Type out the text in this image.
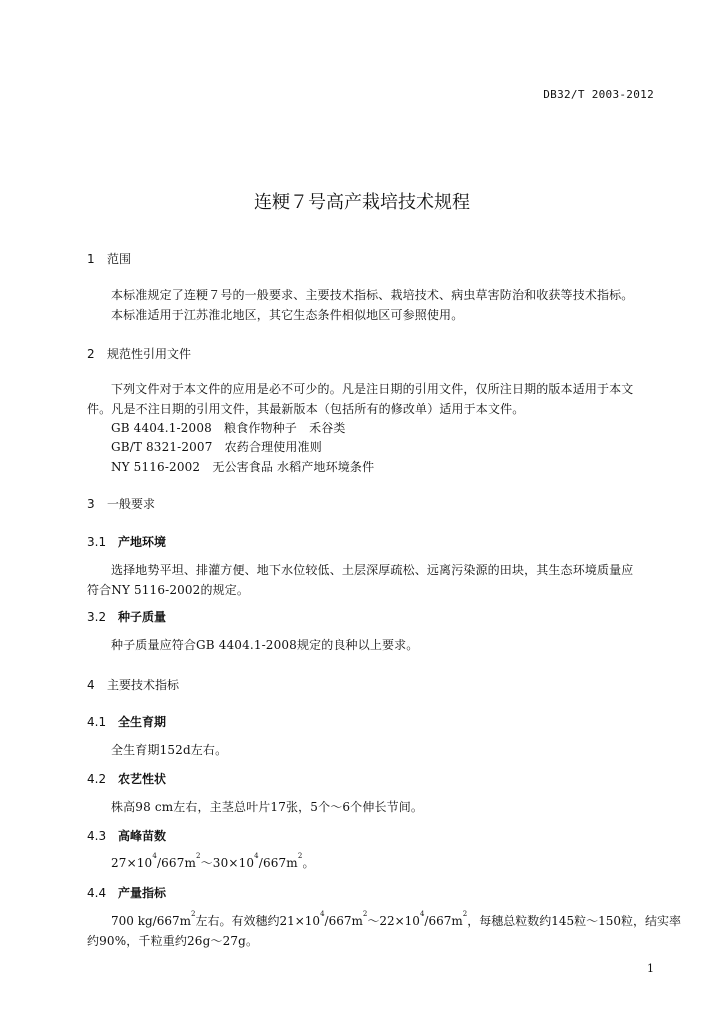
DB32/T 2003-2012
连粳７号高产栽培技术规程
1 范围
本标准规定了连粳７号的一般要求、主要技术指标、栽培技术、病虫草害防治和收获等技术指标。
本标准适用于江苏淮北地区，其它生态条件相似地区可参照使用。
2 规范性引用文件
下列文件对于本文件的应用是必不可少的。凡是注日期的引用文件，仅所注日期的版本适用于本文
件。凡是不注日期的引用文件，其最新版本（包括所有的修改单）适用于本文件。
GB 4404.1-2008　粮食作物种子　禾谷类
GB/T 8321-2007　农药合理使用准则
NY 5116-2002　无公害食品 水稻产地环境条件
3 一般要求
3.1 产地环境
选择地势平坦、排灌方便、地下水位较低、土层深厚疏松、远离污染源的田块，其生态环境质量应
符合NY 5116-2002的规定。
3.2 种子质量
种子质量应符合GB 4404.1-2008规定的良种以上要求。
4 主要技术指标
4.1 全生育期
全生育期152d左右。
4.2 农艺性状
株高98 cm左右，主茎总叶片17张，5个～6个伸长节间。
4.3 高峰苗数
$27\times 10^4/667m^2\sim 30\times 10^4/667m^2$。
4.4 产量指标
700 $kg/667m^2$左右。有效穗约$21\times 10^4/667m^2\sim 22\times 10^4/667m^2$，每穗总粒数约145粒～150粒，结实率
约90%，千粒重约26g～27g。
1
